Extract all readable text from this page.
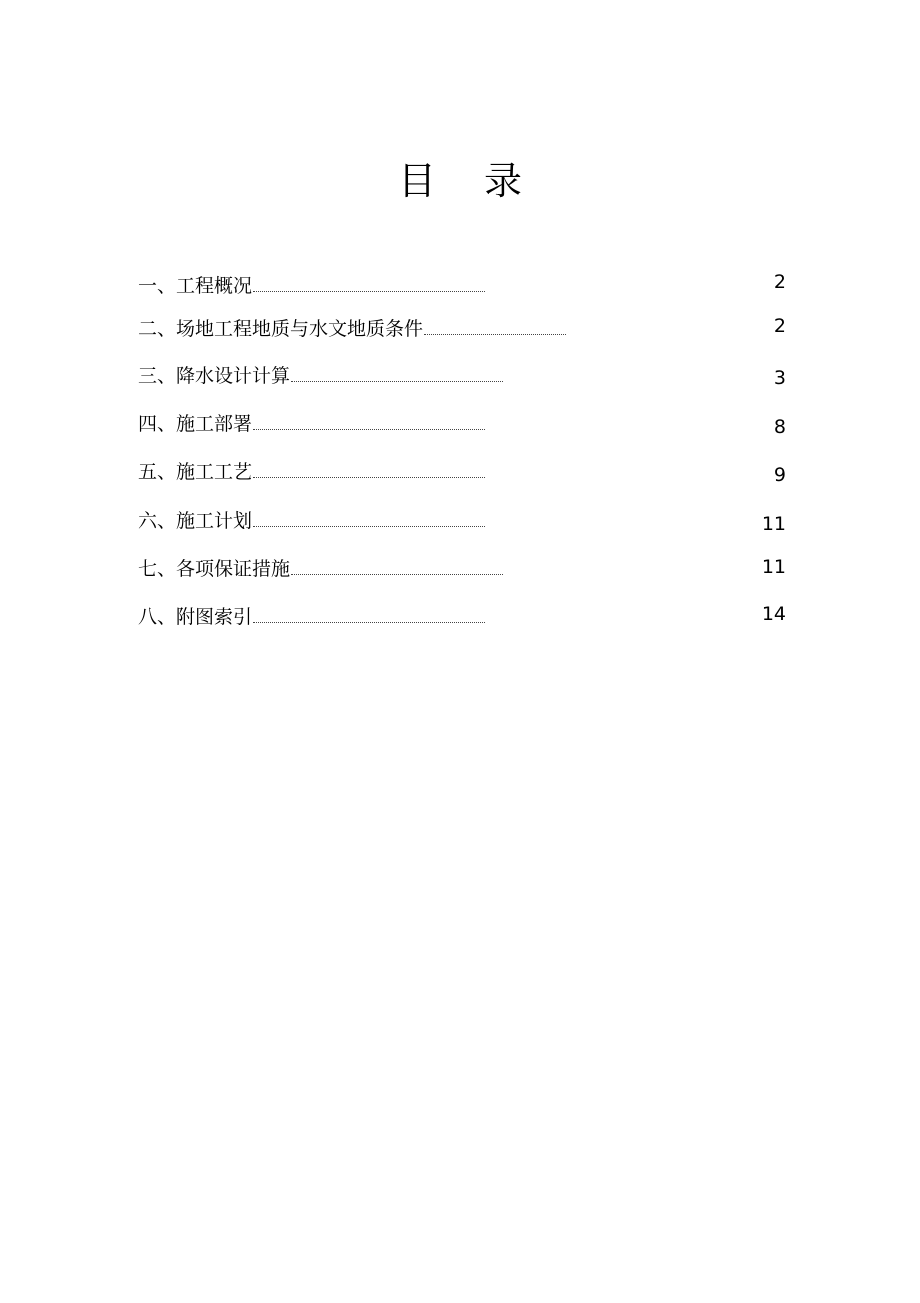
目 录
一、工程概况	2
二、场地工程地质与水文地质条件	2
三、降水设计计算	3
四、施工部署	8
五、施工工艺	9
六、施工计划	11
七、各项保证措施	11
八、附图索引	14
